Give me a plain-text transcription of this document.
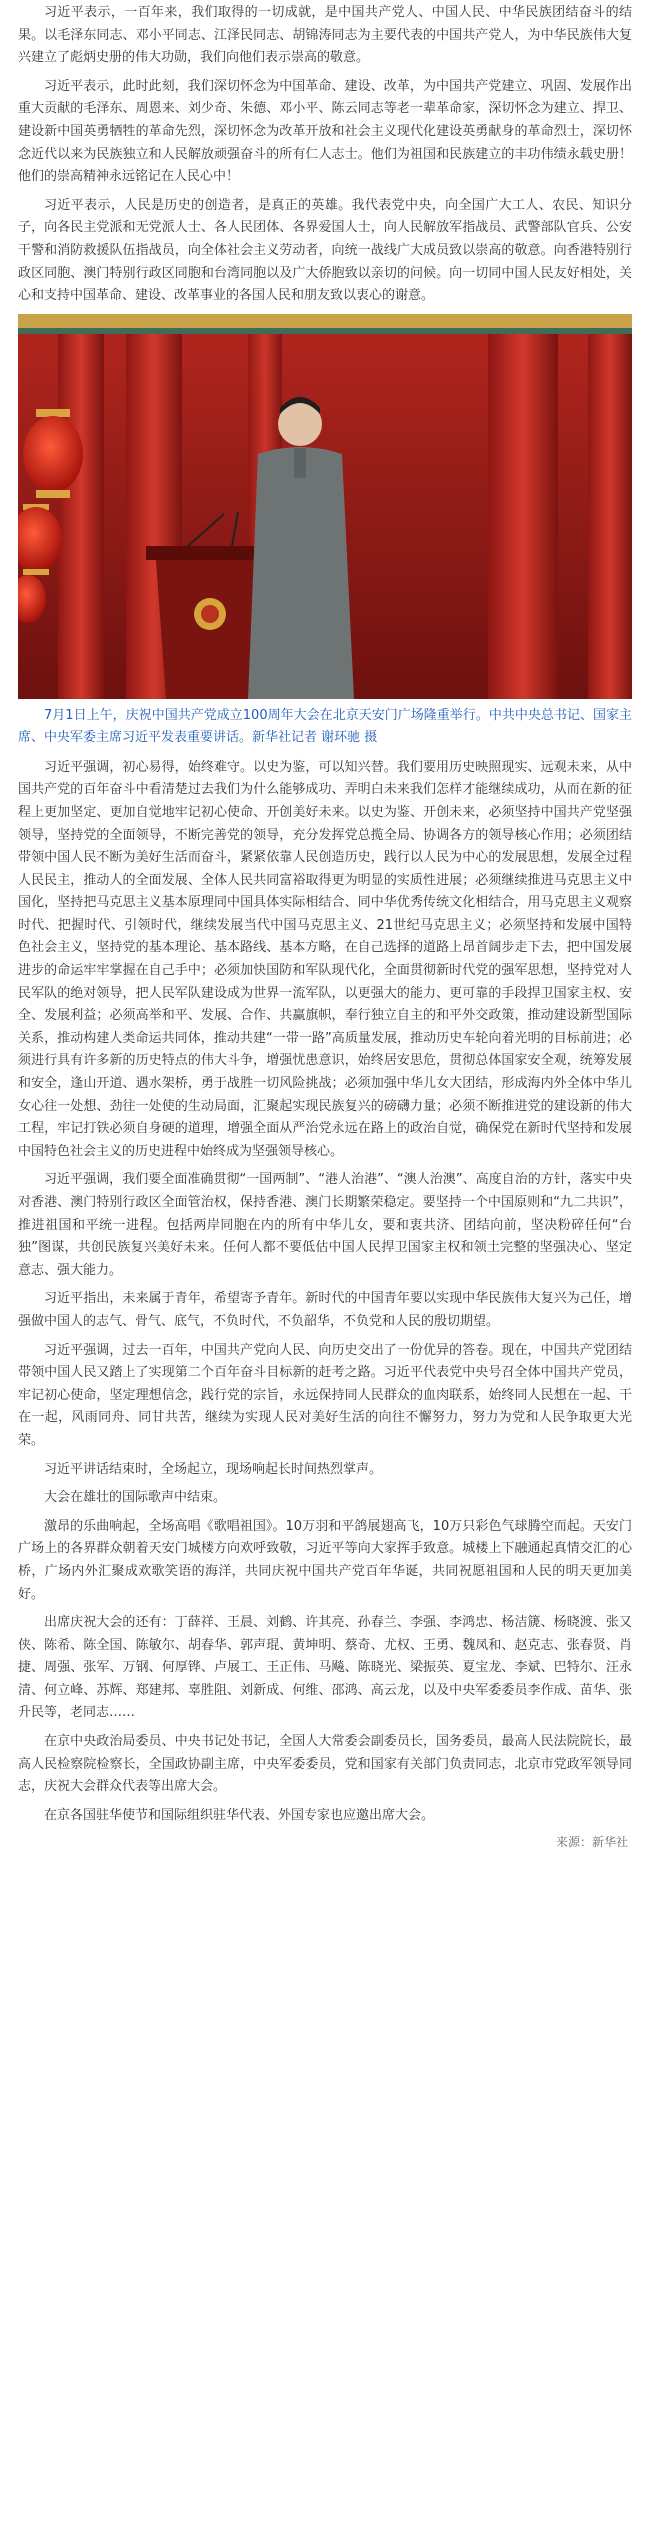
习近平表示，一百年来，我们取得的一切成就，是中国共产党人、中国人民、中华民族团结奋斗的结果。以毛泽东同志、邓小平同志、江泽民同志、胡锦涛同志为主要代表的中国共产党人，为中华民族伟大复兴建立了彪炳史册的伟大功勋，我们向他们表示崇高的敬意。

习近平表示，此时此刻，我们深切怀念为中国革命、建设、改革，为中国共产党建立、巩固、发展作出重大贡献的毛泽东、周恩来、刘少奇、朱德、邓小平、陈云同志等老一辈革命家，深切怀念为建立、捍卫、建设新中国英勇牺牲的革命先烈，深切怀念为改革开放和社会主义现代化建设英勇献身的革命烈士，深切怀念近代以来为民族独立和人民解放顽强奋斗的所有仁人志士。他们为祖国和民族建立的丰功伟绩永载史册！他们的崇高精神永远铭记在人民心中！

习近平表示，人民是历史的创造者，是真正的英雄。我代表党中央，向全国广大工人、农民、知识分子，向各民主党派和无党派人士、各人民团体、各界爱国人士，向人民解放军指战员、武警部队官兵、公安干警和消防救援队伍指战员，向全体社会主义劳动者，向统一战线广大成员致以崇高的敬意。向香港特别行政区同胞、澳门特别行政区同胞和台湾同胞以及广大侨胞致以亲切的问候。向一切同中国人民友好相处，关心和支持中国革命、建设、改革事业的各国人民和朋友致以衷心的谢意。

7月1日上午，庆祝中国共产党成立100周年大会在北京天安门广场隆重举行。中共中央总书记、国家主席、中央军委主席习近平发表重要讲话。新华社记者 谢环驰 摄

习近平强调，初心易得，始终难守。以史为鉴，可以知兴替。我们要用历史映照现实、远观未来，从中国共产党的百年奋斗中看清楚过去我们为什么能够成功、弄明白未来我们怎样才能继续成功，从而在新的征程上更加坚定、更加自觉地牢记初心使命、开创美好未来。以史为鉴、开创未来，必须坚持中国共产党坚强领导，坚持党的全面领导，不断完善党的领导，充分发挥党总揽全局、协调各方的领导核心作用；必须团结带领中国人民不断为美好生活而奋斗，紧紧依靠人民创造历史，践行以人民为中心的发展思想，发展全过程人民民主，推动人的全面发展、全体人民共同富裕取得更为明显的实质性进展；必须继续推进马克思主义中国化，坚持把马克思主义基本原理同中国具体实际相结合、同中华优秀传统文化相结合，用马克思主义观察时代、把握时代、引领时代，继续发展当代中国马克思主义、21世纪马克思主义；必须坚持和发展中国特色社会主义，坚持党的基本理论、基本路线、基本方略，在自己选择的道路上昂首阔步走下去，把中国发展进步的命运牢牢掌握在自己手中；必须加快国防和军队现代化，全面贯彻新时代党的强军思想，坚持党对人民军队的绝对领导，把人民军队建设成为世界一流军队，以更强大的能力、更可靠的手段捍卫国家主权、安全、发展利益；必须高举和平、发展、合作、共赢旗帜，奉行独立自主的和平外交政策，推动建设新型国际关系，推动构建人类命运共同体，推动共建“一带一路”高质量发展，推动历史车轮向着光明的目标前进；必须进行具有许多新的历史特点的伟大斗争，增强忧患意识，始终居安思危，贯彻总体国家安全观，统筹发展和安全，逢山开道、遇水架桥，勇于战胜一切风险挑战；必须加强中华儿女大团结，形成海内外全体中华儿女心往一处想、劲往一处使的生动局面，汇聚起实现民族复兴的磅礴力量；必须不断推进党的建设新的伟大工程，牢记打铁必须自身硬的道理，增强全面从严治党永远在路上的政治自觉，确保党在新时代坚持和发展中国特色社会主义的历史进程中始终成为坚强领导核心。

习近平强调，我们要全面准确贯彻“一国两制”、“港人治港”、“澳人治澳”、高度自治的方针，落实中央对香港、澳门特别行政区全面管治权，保持香港、澳门长期繁荣稳定。要坚持一个中国原则和“九二共识”，推进祖国和平统一进程。包括两岸同胞在内的所有中华儿女，要和衷共济、团结向前，坚决粉碎任何“台独”图谋，共创民族复兴美好未来。任何人都不要低估中国人民捍卫国家主权和领土完整的坚强决心、坚定意志、强大能力。

习近平指出，未来属于青年，希望寄予青年。新时代的中国青年要以实现中华民族伟大复兴为己任，增强做中国人的志气、骨气、底气，不负时代，不负韶华，不负党和人民的殷切期望。

习近平强调，过去一百年，中国共产党向人民、向历史交出了一份优异的答卷。现在，中国共产党团结带领中国人民又踏上了实现第二个百年奋斗目标新的赶考之路。习近平代表党中央号召全体中国共产党员，牢记初心使命，坚定理想信念，践行党的宗旨，永远保持同人民群众的血肉联系，始终同人民想在一起、干在一起，风雨同舟、同甘共苦，继续为实现人民对美好生活的向往不懈努力，努力为党和人民争取更大光荣。

习近平讲话结束时，全场起立，现场响起长时间热烈掌声。

大会在雄壮的国际歌声中结束。

激昂的乐曲响起，全场高唱《歌唱祖国》。10万羽和平鸽展翅高飞，10万只彩色气球腾空而起。天安门广场上的各界群众朝着天安门城楼方向欢呼致敬，习近平等向大家挥手致意。城楼上下融通起真情交汇的心桥，广场内外汇聚成欢歌笑语的海洋，共同庆祝中国共产党百年华诞，共同祝愿祖国和人民的明天更加美好。

出席庆祝大会的还有：丁薛祥、王晨、刘鹤、许其亮、孙春兰、李强、李鸿忠、杨洁篪、杨晓渡、张又侠、陈希、陈全国、陈敏尔、胡春华、郭声琨、黄坤明、蔡奇、尤权、王勇、魏凤和、赵克志、张春贤、肖捷、周强、张军、万钢、何厚铧、卢展工、王正伟、马飚、陈晓光、梁振英、夏宝龙、李斌、巴特尔、汪永清、何立峰、苏辉、郑建邦、辜胜阻、刘新成、何维、邵鸿、高云龙，以及中央军委委员李作成、苗华、张升民等，老同志……

在京中央政治局委员、中央书记处书记，全国人大常委会副委员长，国务委员，最高人民法院院长，最高人民检察院检察长，全国政协副主席，中央军委委员，党和国家有关部门负责同志，北京市党政军领导同志，庆祝大会群众代表等出席大会。

在京各国驻华使节和国际组织驻华代表、外国专家也应邀出席大会。

来源：新华社
